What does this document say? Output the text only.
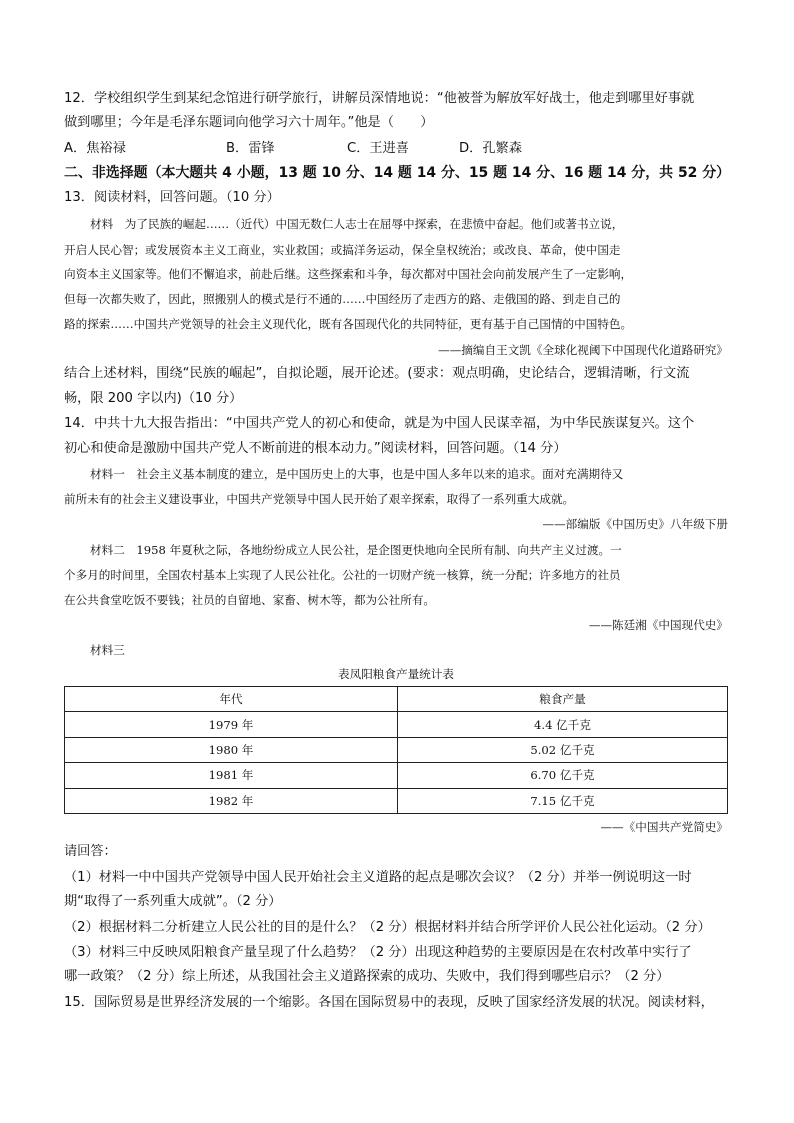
12．学校组织学生到某纪念馆进行研学旅行，讲解员深情地说：“他被誉为解放军好战士，他走到哪里好事就
做到哪里；今年是毛泽东题词向他学习六十周年。”他是（　　）
A．焦裕禄	B．雷锋	C．王进喜	D．孔繁森
二、非选择题（本大题共 4 小题，13 题 10 分、14 题 14 分、15 题 14 分、16 题 14 分，共 52 分）
13．阅读材料，回答问题。（10 分）
材料　为了民族的崛起……（近代）中国无数仁人志士在屈辱中探索，在悲愤中奋起。他们或著书立说，
开启人民心智；或发展资本主义工商业，实业救国；或搞洋务运动，保全皇权统治；或改良、革命，使中国走
向资本主义国家等。他们不懈追求，前赴后继。这些探索和斗争，每次都对中国社会向前发展产生了一定影响，
但每一次都失败了，因此，照搬别人的模式是行不通的……中国经历了走西方的路、走俄国的路、到走自己的
路的探索……中国共产党领导的社会主义现代化，既有各国现代化的共同特征，更有基于自己国情的中国特色。
——摘编自王文凯《全球化视阈下中国现代化道路研究》
结合上述材料，围绕“民族的崛起”，自拟论题，展开论述。(要求：观点明确，史论结合，逻辑清晰，行文流
畅，限 200 字以内)（10 分）
14．中共十九大报告指出：“中国共产党人的初心和使命，就是为中国人民谋幸福，为中华民族谋复兴。这个
初心和使命是激励中国共产党人不断前进的根本动力。”阅读材料，回答问题。（14 分）
材料一　社会主义基本制度的建立，是中国历史上的大事，也是中国人多年以来的追求。面对充满期待又
前所未有的社会主义建设事业，中国共产党领导中国人民开始了艰辛探索，取得了一系列重大成就。
——部编版《中国历史》八年级下册
材料二　1958 年夏秋之际，各地纷纷成立人民公社，是企图更快地向全民所有制、向共产主义过渡。一
个多月的时间里，全国农村基本上实现了人民公社化。公社的一切财产统一核算，统一分配；许多地方的社员
在公共食堂吃饭不要钱；社员的自留地、家畜、树木等，都为公社所有。
——陈廷湘《中国现代史》
材料三
表凤阳粮食产量统计表
年代	粮食产量
1979 年	4.4 亿千克
1980 年	5.02 亿千克
1981 年	6.70 亿千克
1982 年	7.15 亿千克
——《中国共产党简史》
请回答：
（1）材料一中中国共产党领导中国人民开始社会主义道路的起点是哪次会议？（2 分）并举一例说明这一时
期“取得了一系列重大成就”。（2 分）
（2）根据材料二分析建立人民公社的目的是什么？（2 分）根据材料并结合所学评价人民公社化运动。（2 分）
（3）材料三中反映凤阳粮食产量呈现了什么趋势？（2 分）出现这种趋势的主要原因是在农村改革中实行了
哪一政策？（2 分）综上所述，从我国社会主义道路探索的成功、失败中，我们得到哪些启示？（2 分）
15．国际贸易是世界经济发展的一个缩影。各国在国际贸易中的表现，反映了国家经济发展的状况。阅读材料，
